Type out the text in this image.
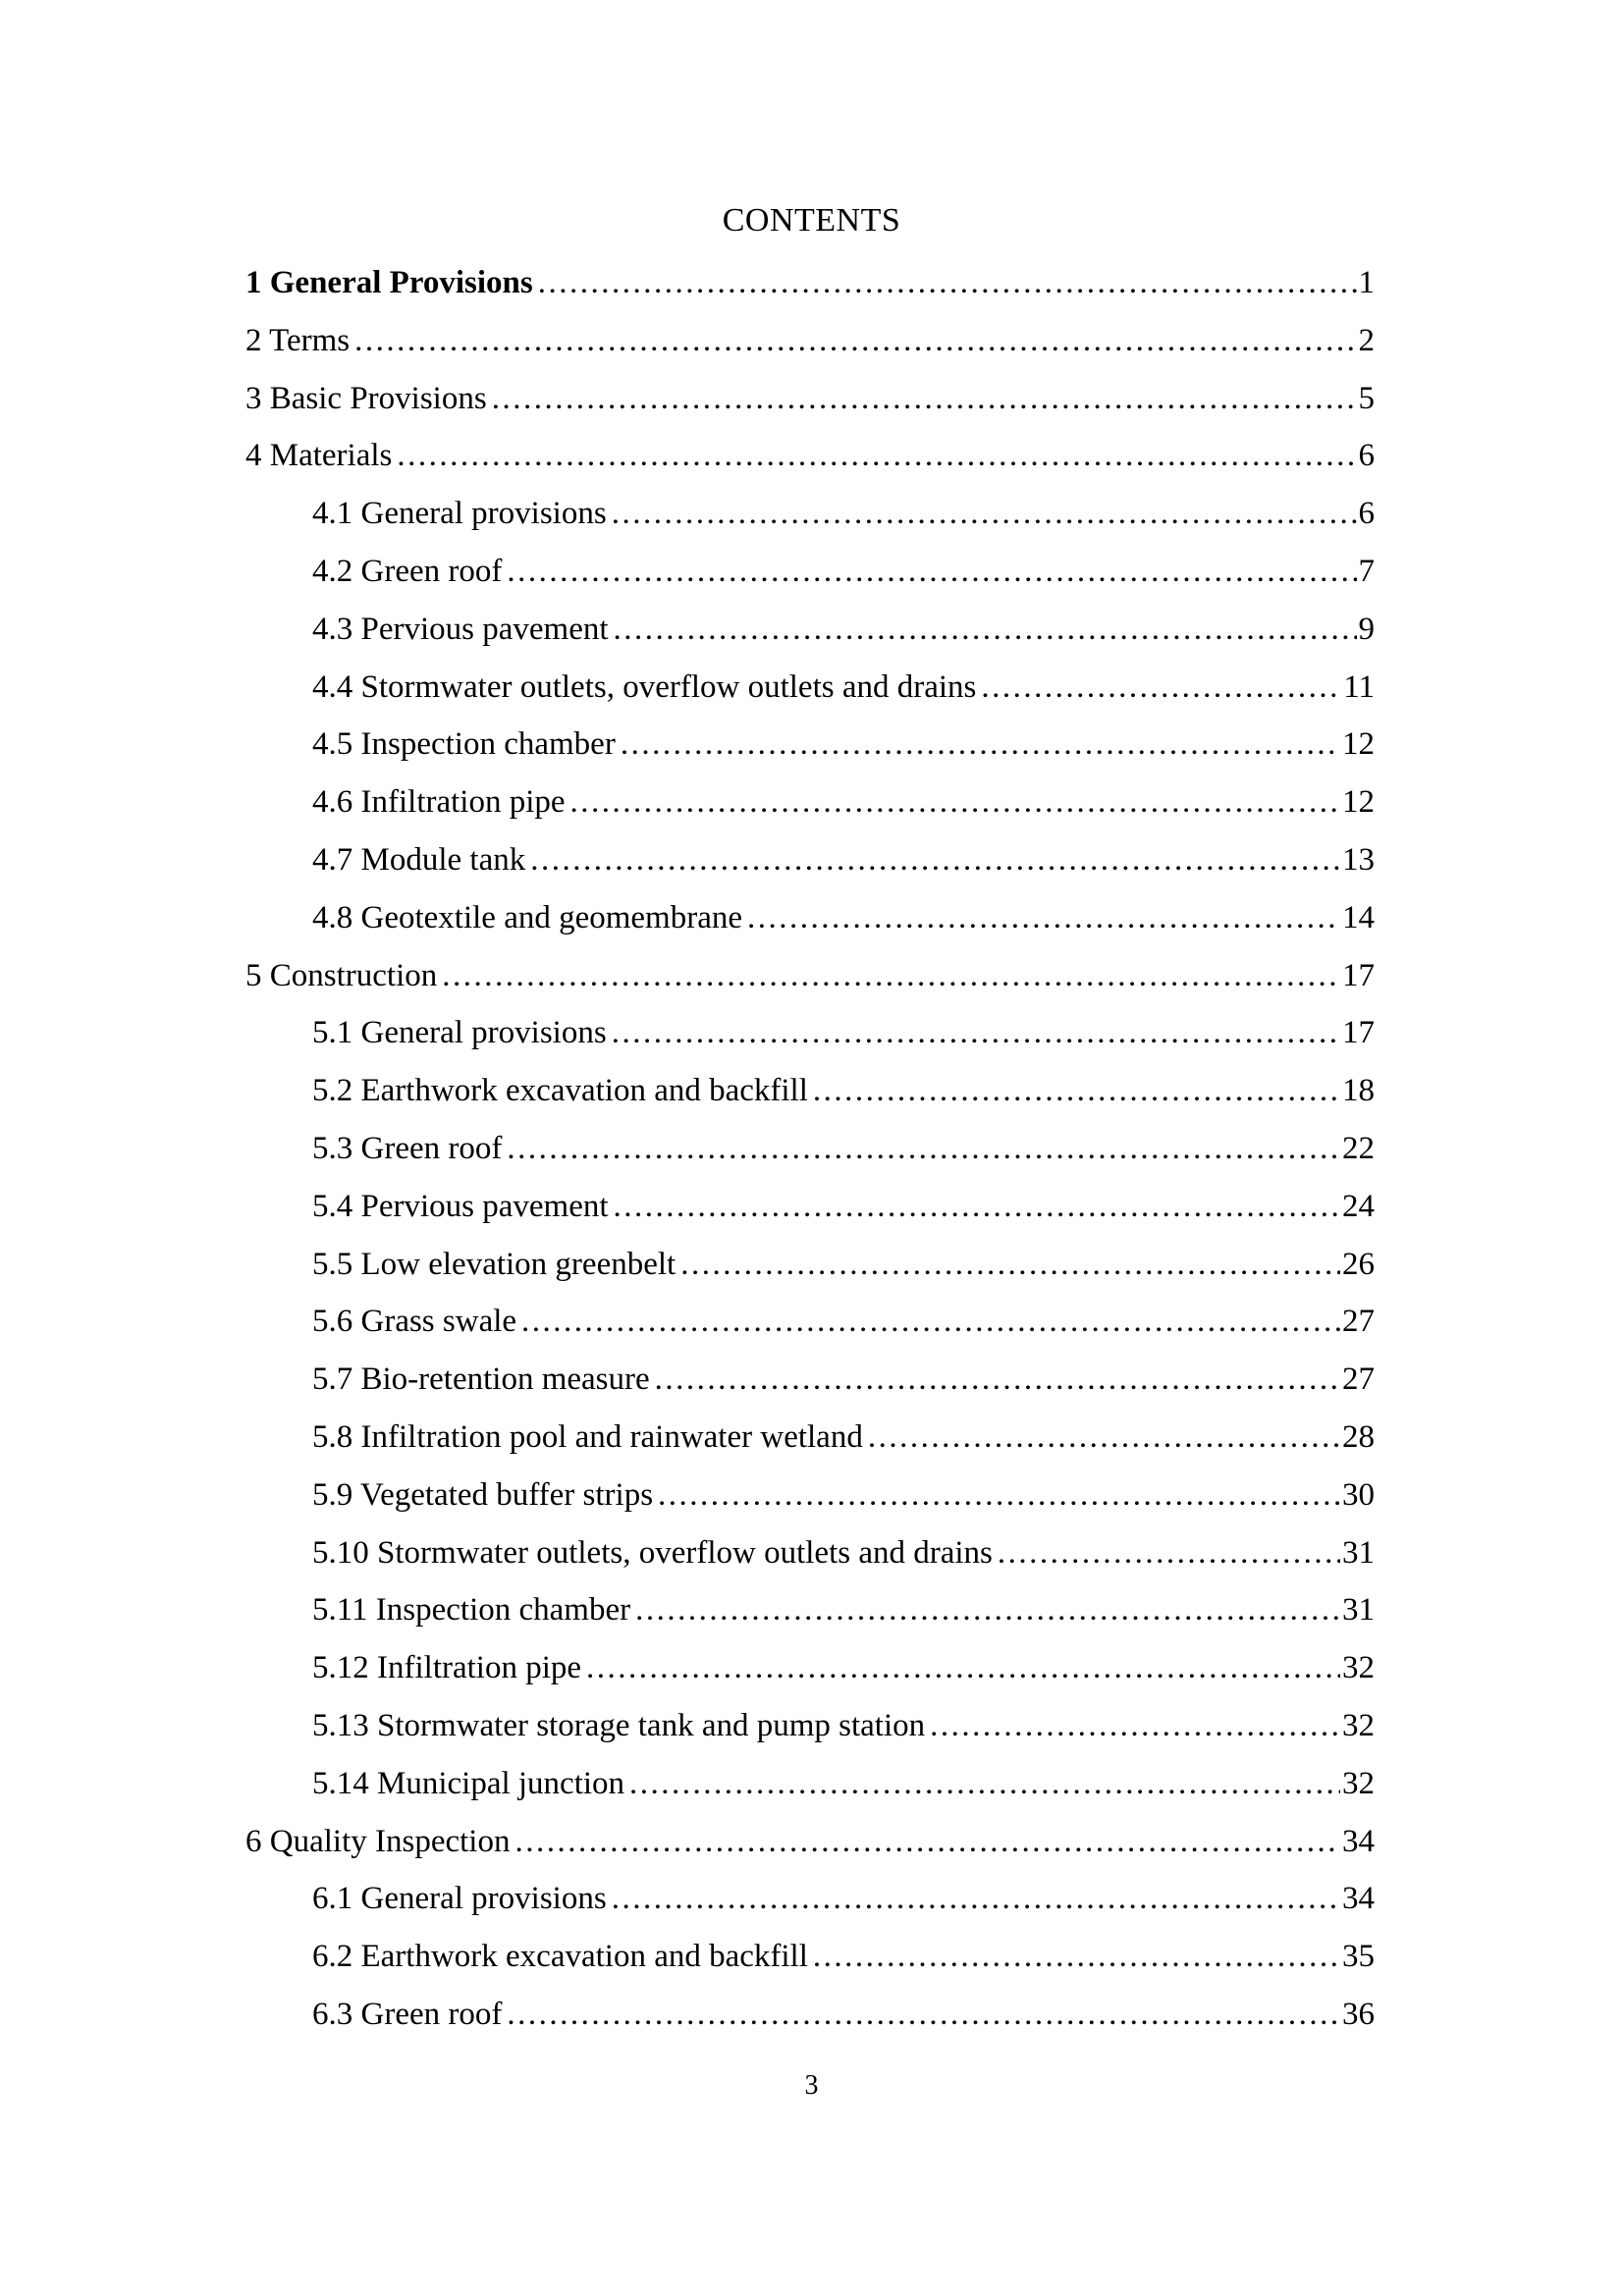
CONTENTS
1 General Provisions .....	1
2 Terms .....	2
3 Basic Provisions .....	5
4 Materials .....	6
4.1 General provisions .....	6
4.2 Green roof .....	7
4.3 Pervious pavement .....	9
4.4 Stormwater outlets, overflow outlets and drains .....	11
4.5 Inspection chamber .....	12
4.6 Infiltration pipe .....	12
4.7 Module tank .....	13
4.8 Geotextile and geomembrane .....	14
5 Construction .....	17
5.1 General provisions .....	17
5.2 Earthwork excavation and backfill .....	18
5.3 Green roof .....	22
5.4 Pervious pavement .....	24
5.5 Low elevation greenbelt .....	26
5.6 Grass swale .....	27
5.7 Bio-retention measure .....	27
5.8 Infiltration pool and rainwater wetland .....	28
5.9 Vegetated buffer strips .....	30
5.10 Stormwater outlets, overflow outlets and drains .....	31
5.11 Inspection chamber .....	31
5.12 Infiltration pipe .....	32
5.13 Stormwater storage tank and pump station .....	32
5.14 Municipal junction .....	32
6 Quality Inspection .....	34
6.1 General provisions .....	34
6.2 Earthwork excavation and backfill .....	35
6.3 Green roof .....	36
3
